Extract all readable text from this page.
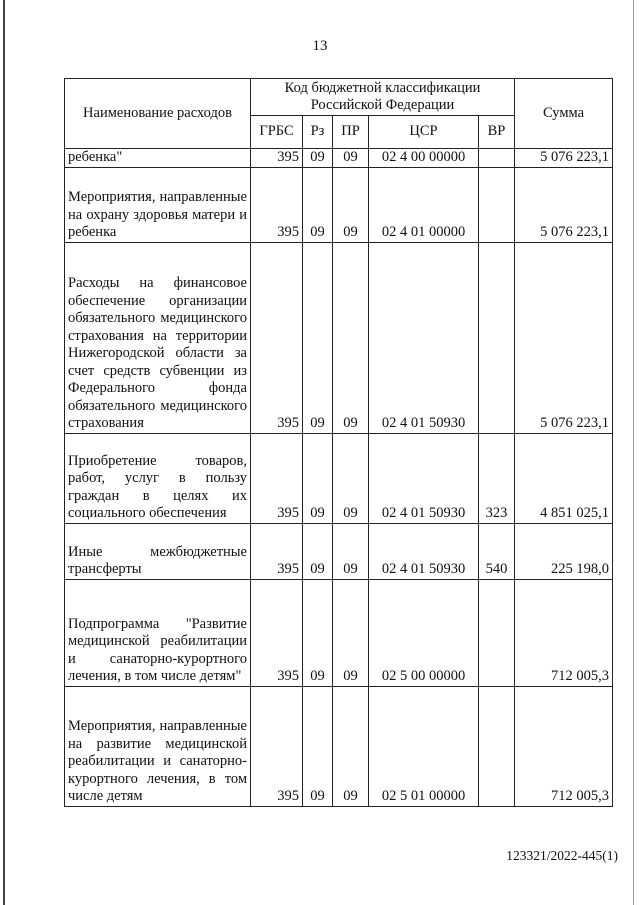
13
Наименование расходов	Код бюджетной классификации Российской Федерации					Сумма
	ГРБС	Рз	ПР	ЦСР	ВР	
ребенка"	395	09	09	02 4 00 00000		5 076 223,1
Мероприятия, направленные на охрану здоровья матери и ребенка	395	09	09	02 4 01 00000		5 076 223,1
Расходы на финансовое обеспечение организации обязательного медицинского страхования на территории Нижегородской области за счет средств субвенции из Федерального фонда обязательного медицинского страхования	395	09	09	02 4 01 50930		5 076 223,1
Приобретение товаров, работ, услуг в пользу граждан в целях их социального обеспечения	395	09	09	02 4 01 50930	323	4 851 025,1
Иные межбюджетные трансферты	395	09	09	02 4 01 50930	540	225 198,0
Подпрограмма "Развитие медицинской реабилитации и санаторно-курортного лечения, в том числе детям"	395	09	09	02 5 00 00000		712 005,3
Мероприятия, направленные на развитие медицинской реабилитации и санаторно-курортного лечения, в том числе детям	395	09	09	02 5 01 00000		712 005,3
123321/2022-445(1)
